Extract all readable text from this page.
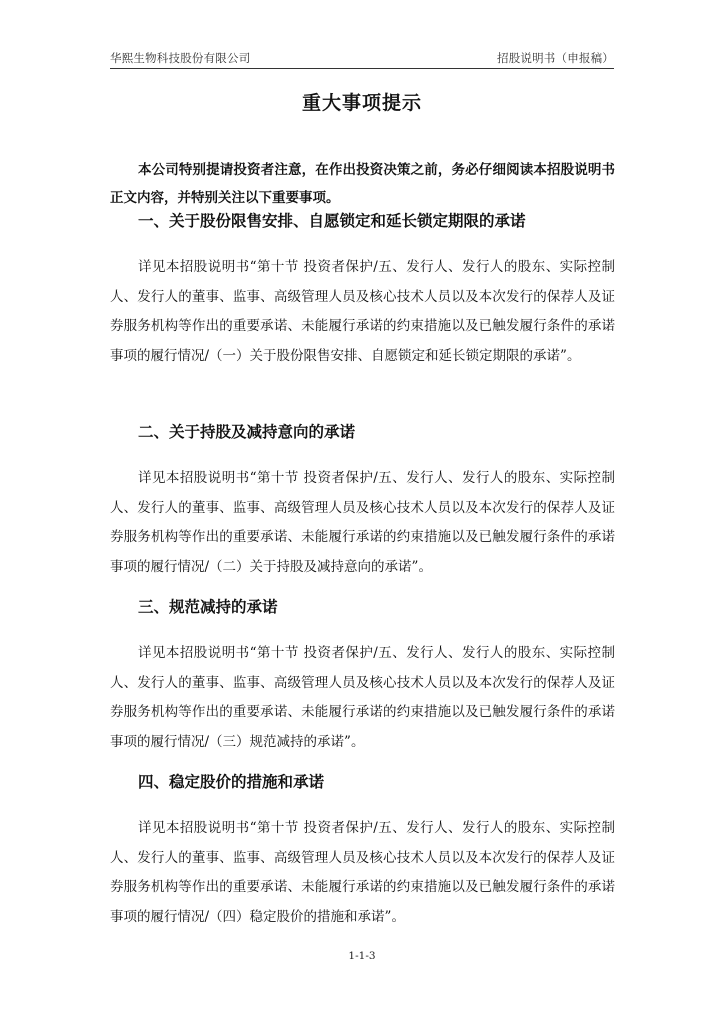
华熙生物科技股份有限公司	招股说明书（申报稿）
重大事项提示

本公司特别提请投资者注意，在作出投资决策之前，务必仔细阅读本招股说明书正文内容，并特别关注以下重要事项。

一、关于股份限售安排、自愿锁定和延长锁定期限的承诺

详见本招股说明书“第十节 投资者保护/五、发行人、发行人的股东、实际控制人、发行人的董事、监事、高级管理人员及核心技术人员以及本次发行的保荐人及证券服务机构等作出的重要承诺、未能履行承诺的约束措施以及已触发履行条件的承诺事项的履行情况/（一）关于股份限售安排、自愿锁定和延长锁定期限的承诺”。

二、关于持股及减持意向的承诺

详见本招股说明书“第十节 投资者保护/五、发行人、发行人的股东、实际控制人、发行人的董事、监事、高级管理人员及核心技术人员以及本次发行的保荐人及证券服务机构等作出的重要承诺、未能履行承诺的约束措施以及已触发履行条件的承诺事项的履行情况/（二）关于持股及减持意向的承诺”。

三、规范减持的承诺

详见本招股说明书“第十节 投资者保护/五、发行人、发行人的股东、实际控制人、发行人的董事、监事、高级管理人员及核心技术人员以及本次发行的保荐人及证券服务机构等作出的重要承诺、未能履行承诺的约束措施以及已触发履行条件的承诺事项的履行情况/（三）规范减持的承诺”。

四、稳定股价的措施和承诺

详见本招股说明书“第十节 投资者保护/五、发行人、发行人的股东、实际控制人、发行人的董事、监事、高级管理人员及核心技术人员以及本次发行的保荐人及证券服务机构等作出的重要承诺、未能履行承诺的约束措施以及已触发履行条件的承诺事项的履行情况/（四）稳定股价的措施和承诺”。

1-1-3
